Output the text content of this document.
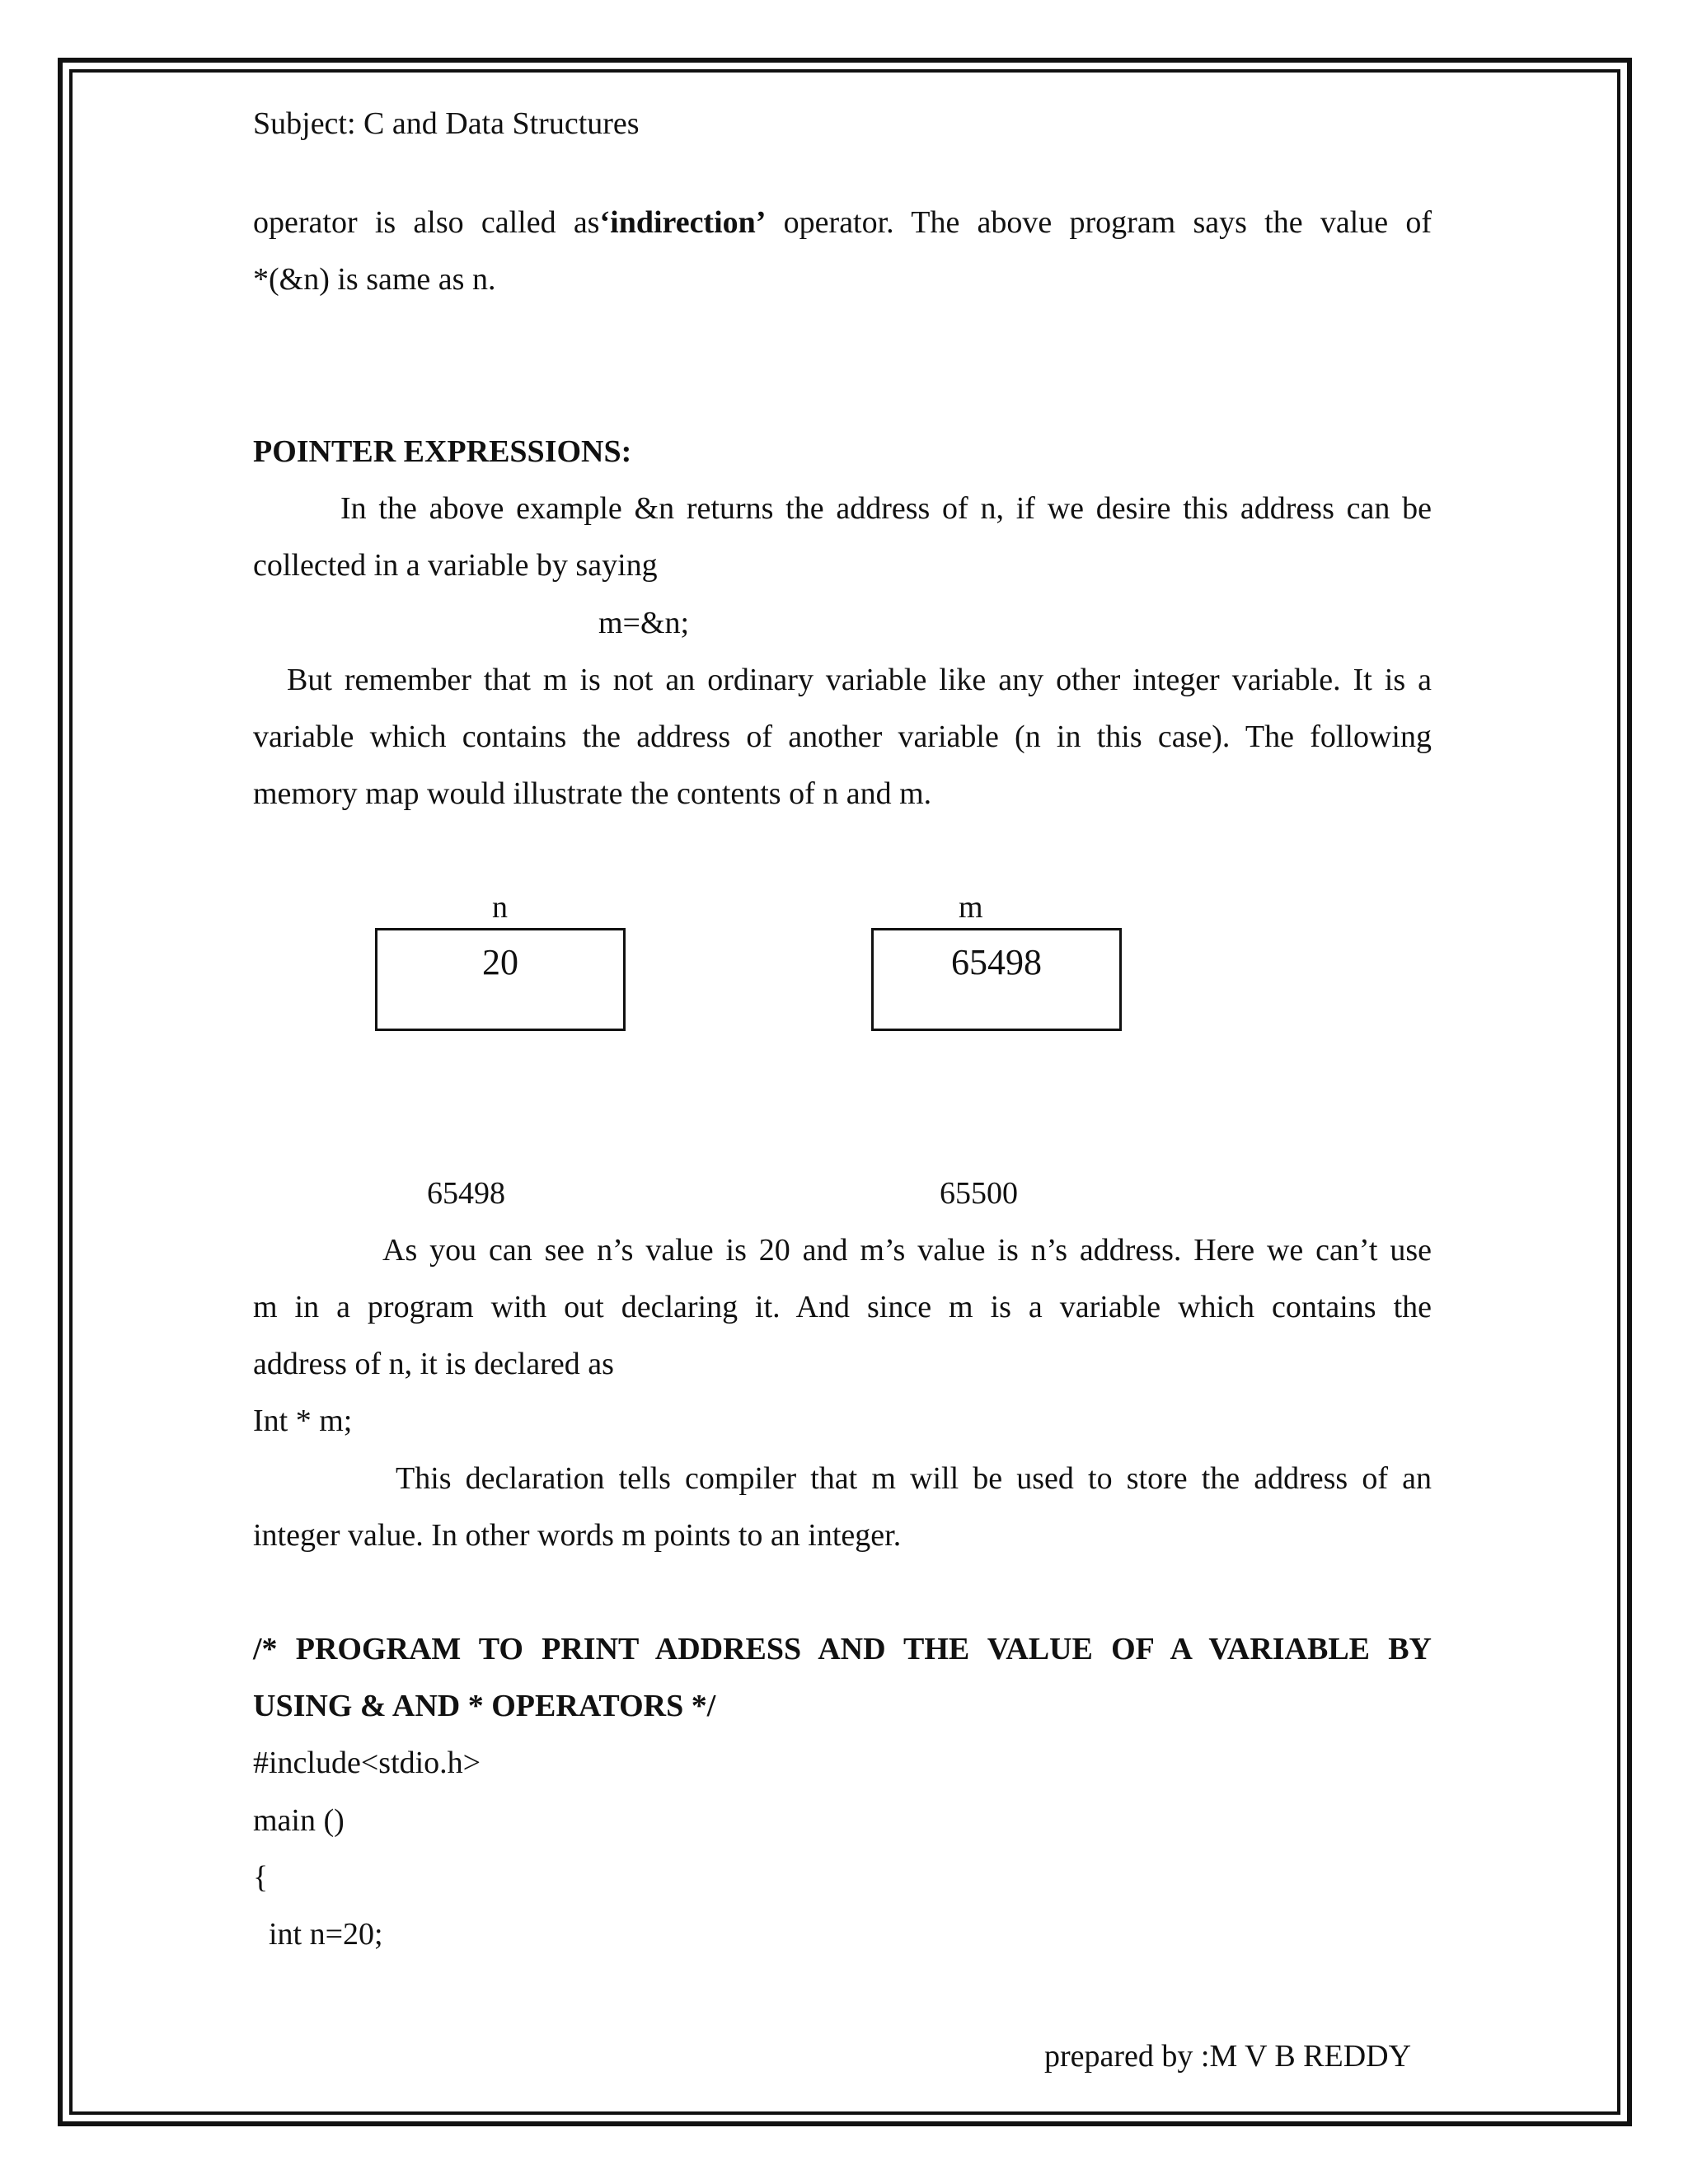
Subject: C and Data Structures
operator is also called as‘indirection’ operator. The above program says the value of
*(&n) is same as n.
POINTER EXPRESSIONS:
In the above example &n returns the address of n, if we desire this address can be
collected in a variable by saying
m=&n;
But remember that m is not an ordinary variable like any other integer variable. It is a
variable which contains the address of another variable (n in this case). The following
memory map would illustrate the contents of n and m.
n	m
20	65498
65498	65500
As you can see n’s value is 20 and m’s value is n’s address. Here we can’t use
m in a program with out declaring it. And since m is a variable which contains the
address of n, it is declared as
Int * m;
This declaration tells compiler that m will be used to store the address of an
integer value. In other words m points to an integer.
/* PROGRAM TO PRINT ADDRESS AND THE VALUE OF A VARIABLE BY
USING & AND * OPERATORS */
#include<stdio.h>
main ()
{
int n=20;
prepared by :M V B REDDY
